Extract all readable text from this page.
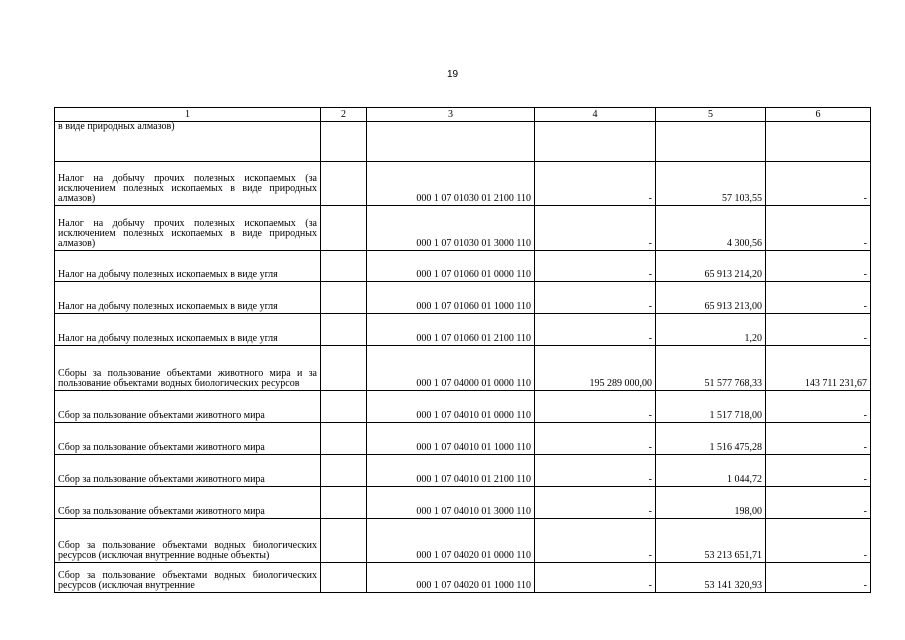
19
1	2	3	4	5	6
в виде природных алмазов)					
Налог на добычу прочих полезных ископаемых (за исключением полезных ископаемых в виде природных алмазов)		000 1 07 01030 01 2100 110	-	57 103,55	-
Налог на добычу прочих полезных ископаемых (за исключением полезных ископаемых в виде природных алмазов)		000 1 07 01030 01 3000 110	-	4 300,56	-
Налог на добычу полезных ископаемых в виде угля		000 1 07 01060 01 0000 110	-	65 913 214,20	-
Налог на добычу полезных ископаемых в виде угля		000 1 07 01060 01 1000 110	-	65 913 213,00	-
Налог на добычу полезных ископаемых в виде угля		000 1 07 01060 01 2100 110	-	1,20	-
Сборы за пользование объектами животного мира и за пользование объектами водных биологических ресурсов		000 1 07 04000 01 0000 110	195 289 000,00	51 577 768,33	143 711 231,67
Сбор за пользование объектами животного мира		000 1 07 04010 01 0000 110	-	1 517 718,00	-
Сбор за пользование объектами животного мира		000 1 07 04010 01 1000 110	-	1 516 475,28	-
Сбор за пользование объектами животного мира		000 1 07 04010 01 2100 110	-	1 044,72	-
Сбор за пользование объектами животного мира		000 1 07 04010 01 3000 110	-	198,00	-
Сбор за пользование объектами водных биологических ресурсов (исключая внутренние водные объекты)		000 1 07 04020 01 0000 110	-	53 213 651,71	-
Сбор за пользование объектами водных биологических ресурсов (исключая внутренние		000 1 07 04020 01 1000 110	-	53 141 320,93	-
